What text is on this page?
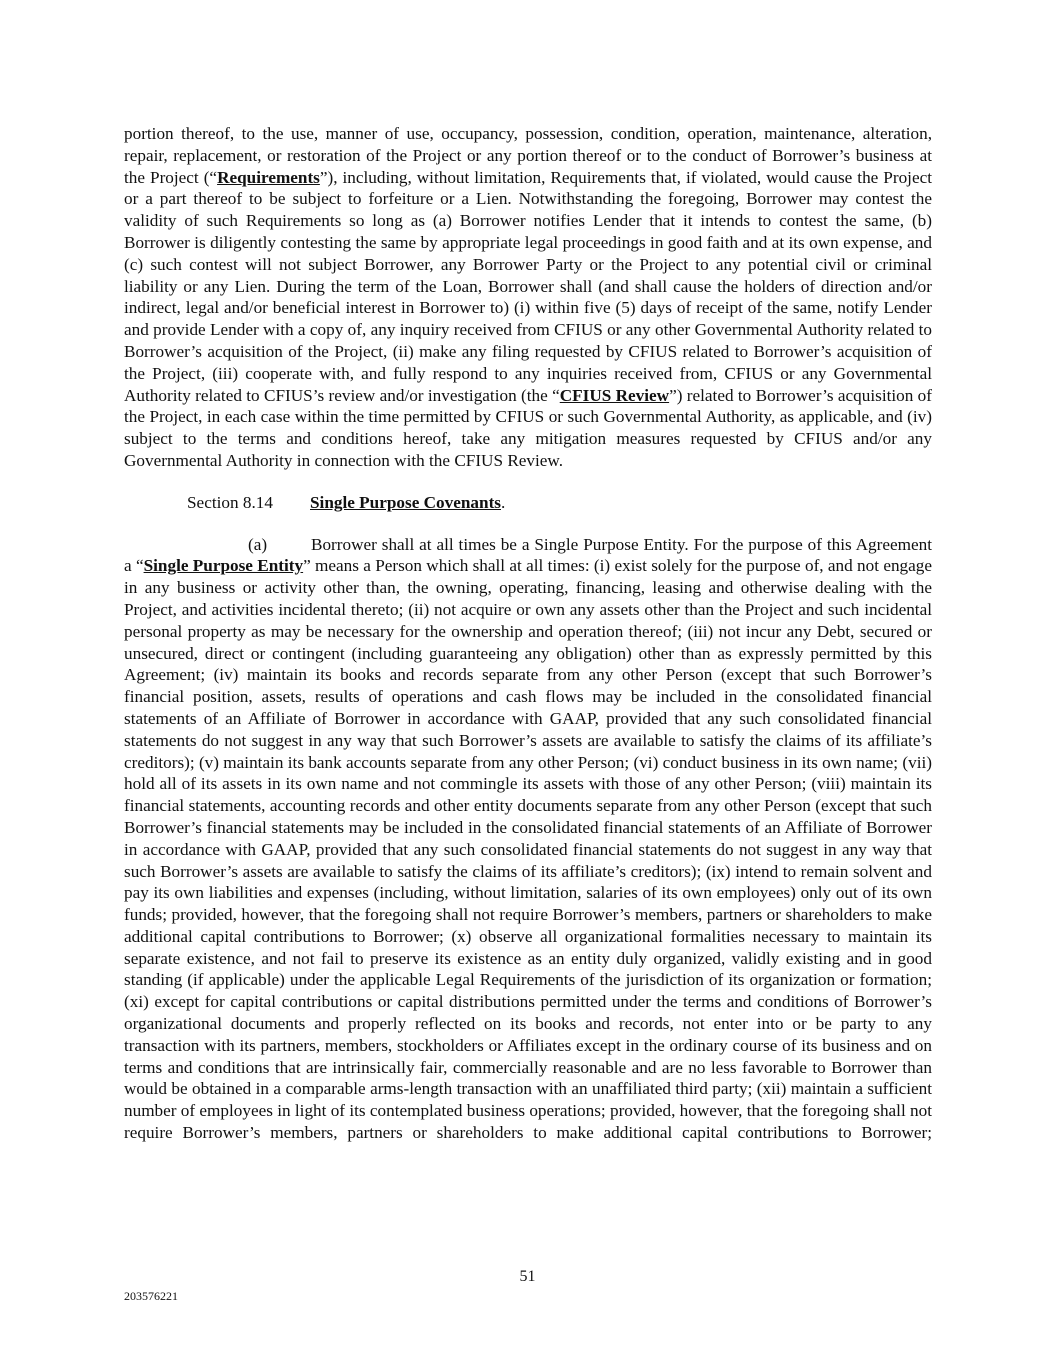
portion thereof, to the use, manner of use, occupancy, possession, condition, operation, maintenance, alteration, repair, replacement, or restoration of the Project or any portion thereof or to the conduct of Borrower’s business at the Project (“Requirements”), including, without limitation, Requirements that, if violated, would cause the Project or a part thereof to be subject to forfeiture or a Lien. Notwithstanding the foregoing, Borrower may contest the validity of such Requirements so long as (a) Borrower notifies Lender that it intends to contest the same, (b) Borrower is diligently contesting the same by appropriate legal proceedings in good faith and at its own expense, and (c) such contest will not subject Borrower, any Borrower Party or the Project to any potential civil or criminal liability or any Lien. During the term of the Loan, Borrower shall (and shall cause the holders of direction and/or indirect, legal and/or beneficial interest in Borrower to) (i) within five (5) days of receipt of the same, notify Lender and provide Lender with a copy of, any inquiry received from CFIUS or any other Governmental Authority related to Borrower’s acquisition of the Project, (ii) make any filing requested by CFIUS related to Borrower’s acquisition of the Project, (iii) cooperate with, and fully respond to any inquiries received from, CFIUS or any Governmental Authority related to CFIUS’s review and/or investigation (the “CFIUS Review”) related to Borrower’s acquisition of the Project, in each case within the time permitted by CFIUS or such Governmental Authority, as applicable, and (iv) subject to the terms and conditions hereof, take any mitigation measures requested by CFIUS and/or any Governmental Authority in connection with the CFIUS Review.

Section 8.14 Single Purpose Covenants.

(a)	Borrower shall at all times be a Single Purpose Entity. For the purpose of this Agreement a “Single Purpose Entity” means a Person which shall at all times: (i) exist solely for the purpose of, and not engage in any business or activity other than, the owning, operating, financing, leasing and otherwise dealing with the Project, and activities incidental thereto; (ii) not acquire or own any assets other than the Project and such incidental personal property as may be necessary for the ownership and operation thereof; (iii) not incur any Debt, secured or unsecured, direct or contingent (including guaranteeing any obligation) other than as expressly permitted by this Agreement; (iv) maintain its books and records separate from any other Person (except that such Borrower’s financial position, assets, results of operations and cash flows may be included in the consolidated financial statements of an Affiliate of Borrower in accordance with GAAP, provided that any such consolidated financial statements do not suggest in any way that such Borrower’s assets are available to satisfy the claims of its affiliate’s creditors); (v) maintain its bank accounts separate from any other Person; (vi) conduct business in its own name; (vii) hold all of its assets in its own name and not commingle its assets with those of any other Person; (viii) maintain its financial statements, accounting records and other entity documents separate from any other Person (except that such Borrower’s financial statements may be included in the consolidated financial statements of an Affiliate of Borrower in accordance with GAAP, provided that any such consolidated financial statements do not suggest in any way that such Borrower’s assets are available to satisfy the claims of its affiliate’s creditors); (ix) intend to remain solvent and pay its own liabilities and expenses (including, without limitation, salaries of its own employees) only out of its own funds; provided, however, that the foregoing shall not require Borrower’s members, partners or shareholders to make additional capital contributions to Borrower; (x) observe all organizational formalities necessary to maintain its separate existence, and not fail to preserve its existence as an entity duly organized, validly existing and in good standing (if applicable) under the applicable Legal Requirements of the jurisdiction of its organization or formation; (xi) except for capital contributions or capital distributions permitted under the terms and conditions of Borrower’s organizational documents and properly reflected on its books and records, not enter into or be party to any transaction with its partners, members, stockholders or Affiliates except in the ordinary course of its business and on terms and conditions that are intrinsically fair, commercially reasonable and are no less favorable to Borrower than would be obtained in a comparable arms-length transaction with an unaffiliated third party; (xii) maintain a sufficient number of employees in light of its contemplated business operations; provided, however, that the foregoing shall not require Borrower’s members, partners or shareholders to make additional capital contributions to Borrower;

51
203576221
